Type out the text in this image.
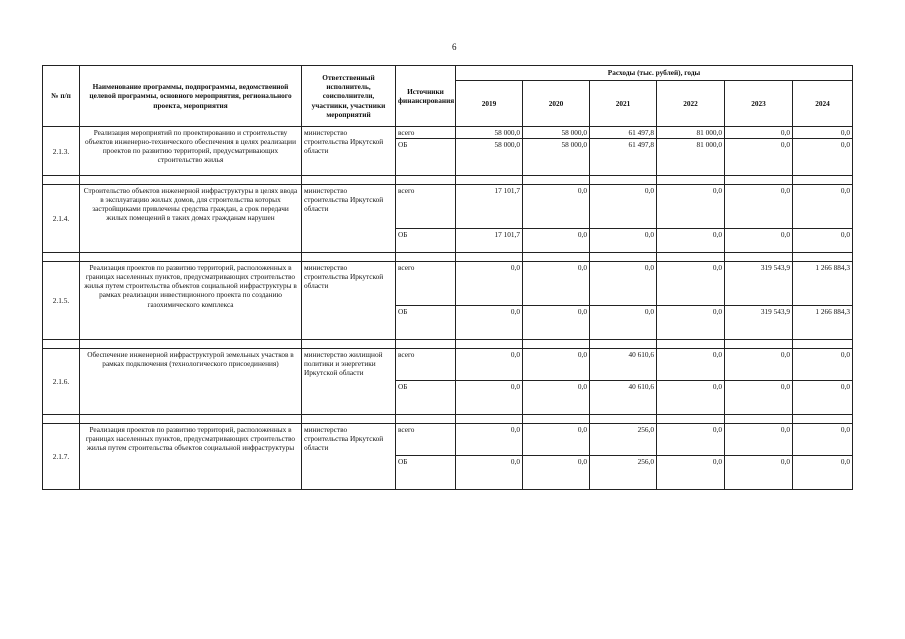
6
№ п/п	Наименование программы, подпрограммы, ведомственной целевой программы, основного мероприятия, регионального проекта, мероприятия	Ответственный исполнитель, соисполнители, участники, участники мероприятий	Источники финансирования	Расходы (тыс. рублей), годы					
				2019	2020	2021	2022	2023	2024
2.1.3.	Реализация мероприятий по проектированию и строительству объектов инженерно-технического обеспечения в целях реализации проектов по развитию территорий, предусматривающих строительство жилья	министерство строительства Иркутской области	всего	58 000,0	58 000,0	61 497,8	81 000,0	0,0	0,0
			ОБ	58 000,0	58 000,0	61 497,8	81 000,0	0,0	0,0

2.1.4.	Строительство объектов инженерной инфраструктуры в целях ввода в эксплуатацию жилых домов, для строительства которых застройщиками привлечены средства граждан, а срок передачи жилых помещений в таких домах гражданам нарушен	министерство строительства Иркутской области	всего	17 101,7	0,0	0,0	0,0	0,0	0,0
			ОБ	17 101,7	0,0	0,0	0,0	0,0	0,0

2.1.5.	Реализация проектов по развитию территорий, расположенных в границах населенных пунктов, предусматривающих строительство жилья путем строительства объектов социальной инфраструктуры в рамках реализации инвестиционного проекта по созданию газохимического комплекса	министерство строительства Иркутской области	всего	0,0	0,0	0,0	0,0	319 543,9	1 266 884,3
			ОБ	0,0	0,0	0,0	0,0	319 543,9	1 266 884,3

2.1.6.	Обеспечение инженерной инфраструктурой земельных участков в рамках подключения (технологического присоединения)	министерство жилищной политики и энергетики Иркутской области	всего	0,0	0,0	40 610,6	0,0	0,0	0,0
			ОБ	0,0	0,0	40 610,6	0,0	0,0	0,0

2.1.7.	Реализация проектов по развитию территорий, расположенных в границах населенных пунктов, предусматривающих строительство жилья путем строительства объектов социальной инфраструктуры	министерство строительства Иркутской области	всего	0,0	0,0	256,0	0,0	0,0	0,0
			ОБ	0,0	0,0	256,0	0,0	0,0	0,0
